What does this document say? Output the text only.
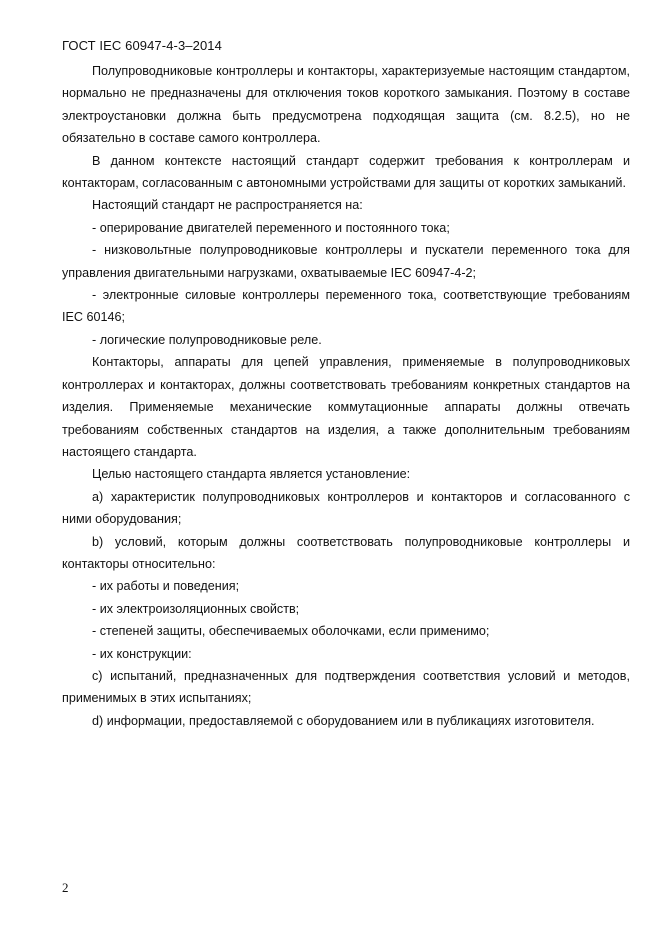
ГОСТ IEC 60947-4-3–2014

Полупроводниковые контроллеры и контакторы, характеризуемые настоящим стандартом, нормально не предназначены для отключения токов короткого замыкания. Поэтому в составе электроустановки должна быть предусмотрена подходящая защита (см. 8.2.5), но не обязательно в составе самого контроллера.

В данном контексте настоящий стандарт содержит требования к контроллерам и контакторам, согласованным с автономными устройствами для защиты от коротких замыканий.

Настоящий стандарт не распространяется на:

- оперирование двигателей переменного и постоянного тока;

- низковольтные полупроводниковые контроллеры и пускатели переменного тока для управления двигательными нагрузками, охватываемые IEC 60947-4-2;

- электронные силовые контроллеры переменного тока, соответствующие требованиям IEC 60146;

- логические полупроводниковые реле.

Контакторы, аппараты для цепей управления, применяемые в полупроводниковых контроллерах и контакторах, должны соответствовать требованиям конкретных стандартов на изделия. Применяемые механические коммутационные аппараты должны отвечать требованиям собственных стандартов на изделия, а также дополнительным требованиям настоящего стандарта.

Целью настоящего стандарта является установление:

a) характеристик полупроводниковых контроллеров и контакторов и согласованного с ними оборудования;

b) условий, которым должны соответствовать полупроводниковые контроллеры и контакторы относительно:

- их работы и поведения;

- их электроизоляционных свойств;

- степеней защиты, обеспечиваемых оболочками, если применимо;

- их конструкции:

c) испытаний, предназначенных для подтверждения соответствия условий и методов, применимых в этих испытаниях;

d) информации, предоставляемой с оборудованием или в публикациях изготовителя.

2
